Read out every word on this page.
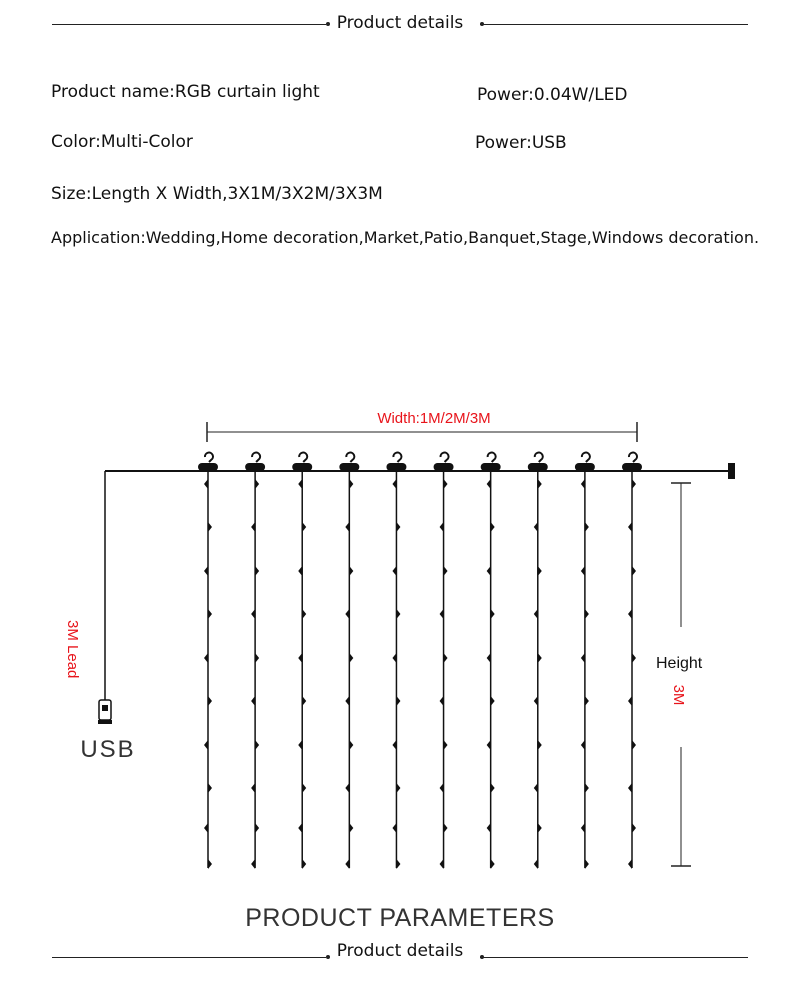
Product details
Product name:RGB curtain light	Power:0.04W/LED
Color:Multi-Color	Power:USB
Size:Length X Width,3X1M/3X2M/3X3M
Application:Wedding,Home decoration,Market,Patio,Banquet,Stage,Windows decoration.
Width:1M/2M/3M
3M Lead
USB
3M
Height
PRODUCT PARAMETERS
Product details
